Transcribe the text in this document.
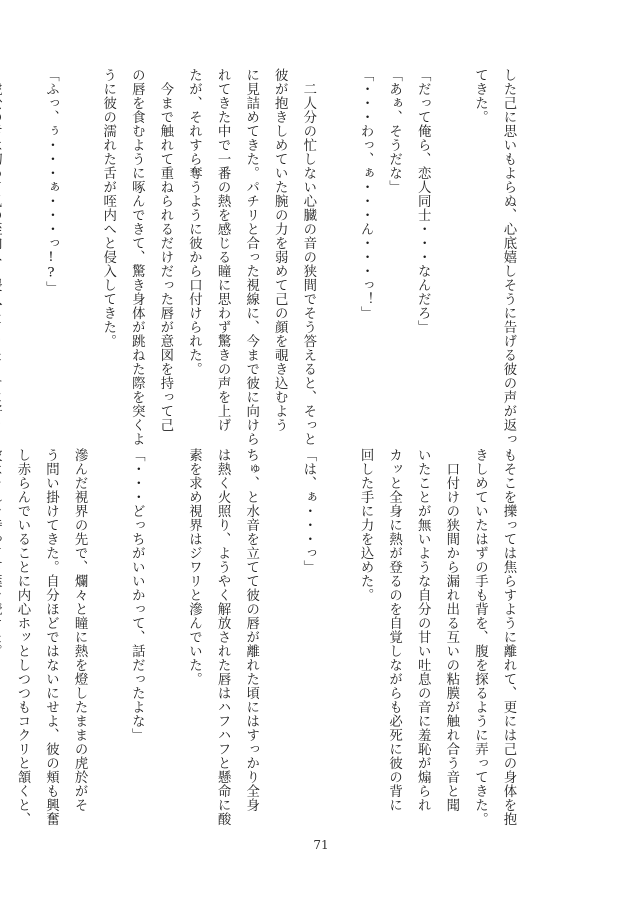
した己に思いもよらぬ、心底嬉しそうに告げる彼の声が返っ
てきた。

「だって俺ら、恋人同士・・・なんだろ」
「あぁ、そうだな」
「・・・わっ、ぁ・・・ん・・・っ！」

　二人分の忙しない心臓の音の狭間でそう答えると、そっと
彼が抱きしめていた腕の力を弱めて己の顔を覗き込むよう
に見詰めてきた。パチリと合った視線に、今まで彼に向けら
れてきた中で一番の熱を感じる瞳に思わず驚きの声を上げ
たが、それすら奪うように彼から口付けられた。
　今まで触れて重ねられるだけだった唇が意図を持って己
の唇を食むように啄んできて、驚き身体が跳ねた際を突くよ
うに彼の濡れた舌が咥内へと侵入してきた。

「ふっ、ぅ・・・ぁ・・・っ!?」

もそこを擽っては焦らすように離れて、更には己の身体を抱
きしめていたはずの手も背を、腹を探るように弄ってきた。
　口付けの狭間から漏れ出る互いの粘膜が触れ合う音と聞
いたことが無いような自分の甘い吐息の音に羞恥が煽られ
カッと全身に熱が登るのを自覚しながらも必死に彼の背に
回した手に力を込めた。

「は、ぁ・・・っ」

ちゅ、と水音を立てて彼の唇が離れた頃にはすっかり全身
は熱く火照り、ようやく解放された唇はハフハフと懸命に酸
素を求め視界はジワリと滲んでいた。

「・・・どっちがいいかって、話だったよな」

滲んだ視界の先で、爛々と瞳に熱を燈したままの虎於がそ
う問い掛けてきた。自分ほどではないにせよ、彼の頬も興奮
し赤らんでいることに内心ホッとしつつもコクリと頷くと、
71
